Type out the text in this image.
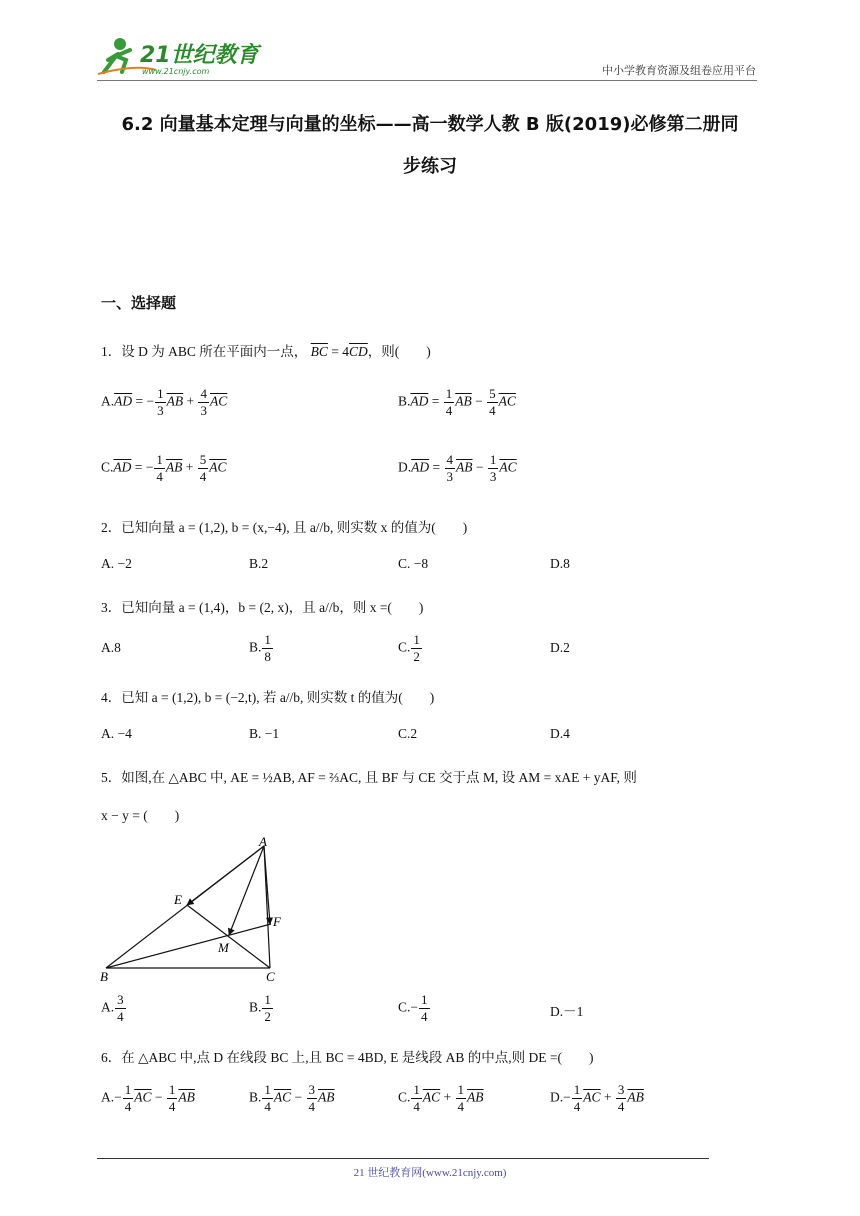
21世纪教育
www.21cnjy.com	中小学教育资源及组卷应用平台
6.2 向量基本定理与向量的坐标——高一数学人教 B 版(2019)必修第二册同
步练习
一、选择题
1．设 D 为 ABC 所在平面内一点， $\overline{BC} = 4\overline{CD}$，则(　　)
$A.\overline{AD}$ = − $\frac{1}{3} \overline{AB} + \frac{4}{3} \overline{AC}$	$B.\overline{AD} = \frac{1}{4} \overline{AB} - \frac{5}{4} \overline{AC}$
$C.\overline{AD}$ = − $\frac{1}{4} \overline{AB} + \frac{5}{4} \overline{AC}$	$D.\overline{AD} = \frac{4}{3} \overline{AB} - \frac{1}{3} \overline{AC}$
2．已知向量 a = (1,2), b = (x,−4), 且 a//b, 则实数 x 的值为(　　)
A. −2	B.2	C. −8	D.8
3．已知向量 a = (1,4)，b = (2, x)，且 a//b，则 x =(　　)
A.8	B. $\frac{1}{8}$	C. $\frac{1}{2}$	D.2
4．已知 a = (1,2), b = (−2,t), 若 a//b, 则实数 t 的值为(　　)
A. −4	B. −1	C.2	D.4
5．如图,在 △ABC 中, AE = ½AB, AF = ⅔AC, 且 BF 与 CE 交于点 M, 设 AM = xAE + yAF, 则
x − y = (　　)
A
E
F
M
B	C
A. $\frac{3}{4}$	B. $\frac{1}{2}$	$C.- \frac{1}{4}$	D.－1
6．在 △ABC 中,点 D 在线段 BC 上,且 BC = 4BD, E 是线段 AB 的中点,则 DE =(　　)
$A.- \frac{1}{4} \overline{AC} - \frac{1}{4} \overline{AB}$	B. $\frac{1}{4} \overline{AC} - \frac{3}{4} \overline{AB}$	C. $\frac{1}{4} \overline{AC} + \frac{1}{4} \overline{AB}$	$D.- \frac{1}{4} \overline{AC} + \frac{3}{4} \overline{AB}$
21 世纪教育网(www.21cnjy.com)
